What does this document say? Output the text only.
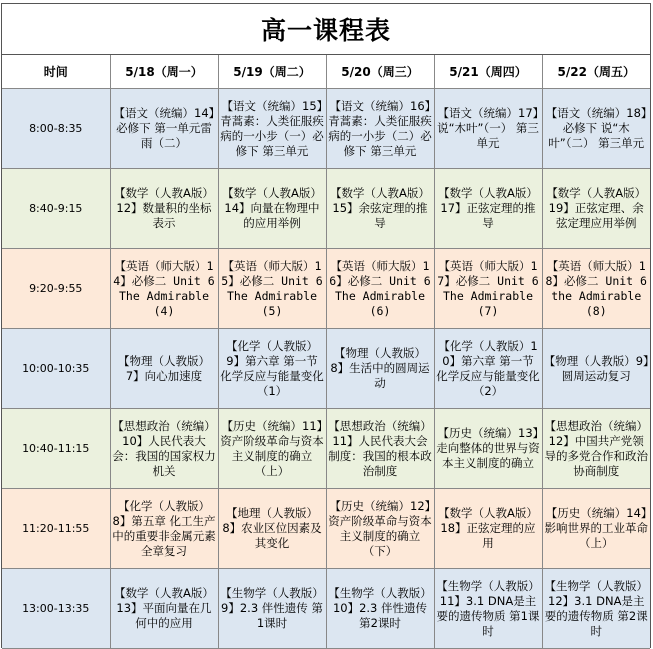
高一课程表
时间	5/18（周一）	5/19（周二）	5/20（周三）	5/21（周四）	5/22（周五）
8:00-8:35	【语文（统编）14】必修下 第一单元雷雨（二）	【语文（统编）15】青蒿素：人类征服疾病的一小步（一）必修下 第三单元	【语文（统编）16】青蒿素：人类征服疾病的一小步（二）必修下 第三单元	【语文（统编）17】说“木叶”（一） 第三单元	【语文（统编）18】必修下 说“木叶”（二） 第三单元
8:40-9:15	【数学（人教A版）12】数量积的坐标表示	【数学（人教A版）14】向量在物理中的应用举例	【数学（人教A版）15】余弦定理的推导	【数学（人教A版）17】正弦定理的推导	【数学（人教A版）19】正弦定理、余弦定理应用举例
9:20-9:55	【英语（师大版）14】必修二 Unit 6 The Admirable (4)	【英语（师大版）15】必修二 Unit 6 The Admirable (5)	【英语（师大版）16】必修二 Unit 6 The Admirable (6)	【英语（师大版）17】必修二 Unit 6 The Admirable (7)	【英语（师大版）18】必修二 Unit 6 the Admirable (8)
10:00-10:35	【物理（人教版）7】向心加速度	【化学（人教版）9】第六章 第一节 化学反应与能量变化（1）	【物理（人教版）8】生活中的圆周运动	【化学（人教版）10】第六章 第一节 化学反应与能量变化（2）	【物理（人教版）9】圆周运动复习
10:40-11:15	【思想政治（统编）10】人民代表大会：我国的国家权力机关	【历史（统编）11】资产阶级革命与资本主义制度的确立（上）	【思想政治（统编）11】人民代表大会制度：我国的根本政治制度	【历史（统编）13】走向整体的世界与资本主义制度的确立	【思想政治（统编）12】中国共产党领导的多党合作和政治协商制度
11:20-11:55	【化学（人教版）8】第五章 化工生产中的重要非金属元素 全章复习	【地理（人教版）8】农业区位因素及其变化	【历史（统编）12】资产阶级革命与资本主义制度的确立（下）	【数学（人教A版）18】正弦定理的应用	【历史（统编）14】影响世界的工业革命（上）
13:00-13:35	【数学（人教A版）13】平面向量在几何中的应用	【生物学（人教版）9】2.3 伴性遗传 第1课时	【生物学（人教版）10】2.3 伴性遗传 第2课时	【生物学（人教版）11】3.1 DNA是主要的遗传物质 第1课时	【生物学（人教版）12】3.1 DNA是主要的遗传物质 第2课时
